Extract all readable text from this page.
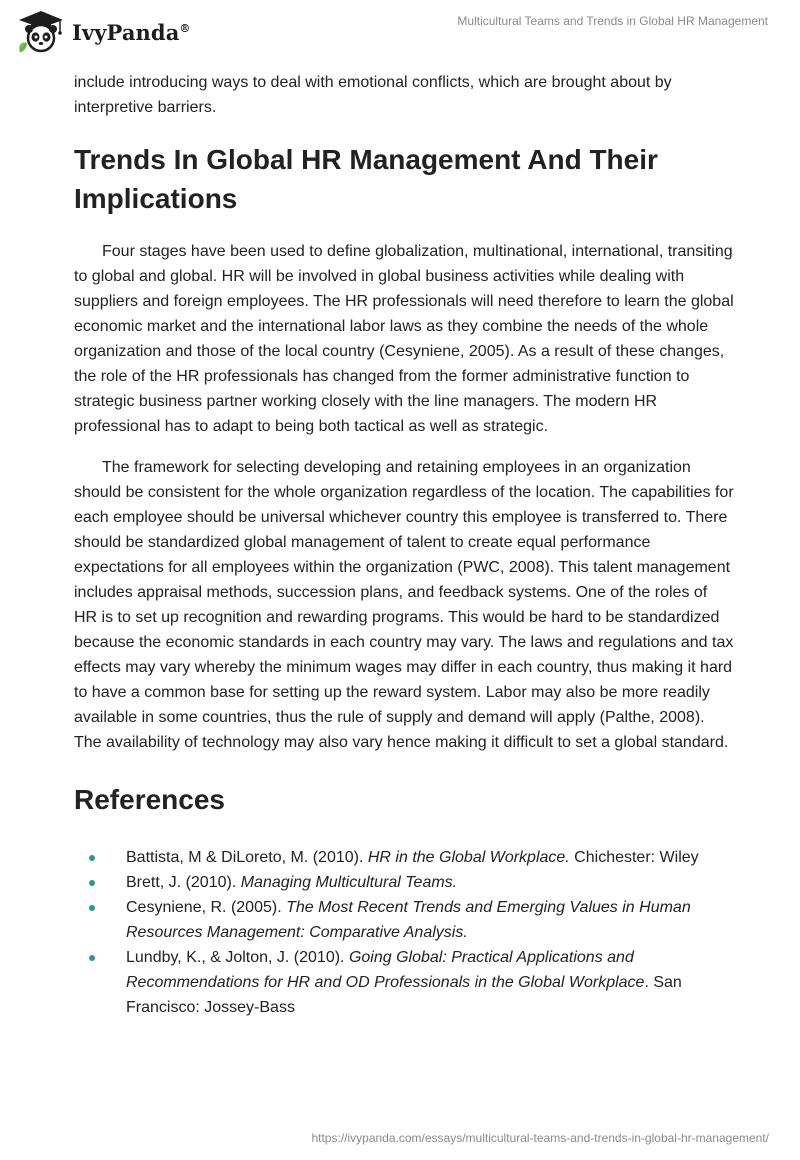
IvyPanda®	Multicultural Teams and Trends in Global HR Management

include introducing ways to deal with emotional conflicts, which are brought about by interpretive barriers.

Trends In Global HR Management And Their Implications

Four stages have been used to define globalization, multinational, international, transiting to global and global. HR will be involved in global business activities while dealing with suppliers and foreign employees. The HR professionals will need therefore to learn the global economic market and the international labor laws as they combine the needs of the whole organization and those of the local country (Cesyniene, 2005). As a result of these changes, the role of the HR professionals has changed from the former administrative function to strategic business partner working closely with the line managers. The modern HR professional has to adapt to being both tactical as well as strategic.

The framework for selecting developing and retaining employees in an organization should be consistent for the whole organization regardless of the location. The capabilities for each employee should be universal whichever country this employee is transferred to. There should be standardized global management of talent to create equal performance expectations for all employees within the organization (PWC, 2008). This talent management includes appraisal methods, succession plans, and feedback systems. One of the roles of HR is to set up recognition and rewarding programs. This would be hard to be standardized because the economic standards in each country may vary. The laws and regulations and tax effects may vary whereby the minimum wages may differ in each country, thus making it hard to have a common base for setting up the reward system. Labor may also be more readily available in some countries, thus the rule of supply and demand will apply (Palthe, 2008). The availability of technology may also vary hence making it difficult to set a global standard.

References
Battista, M & DiLoreto, M. (2010). HR in the Global Workplace. Chichester: Wiley
Brett, J. (2010). Managing Multicultural Teams.
Cesyniene, R. (2005). The Most Recent Trends and Emerging Values in Human Resources Management: Comparative Analysis.
Lundby, K., & Jolton, J. (2010). Going Global: Practical Applications and Recommendations for HR and OD Professionals in the Global Workplace. San Francisco: Jossey-Bass
https://ivypanda.com/essays/multicultural-teams-and-trends-in-global-hr-management/
